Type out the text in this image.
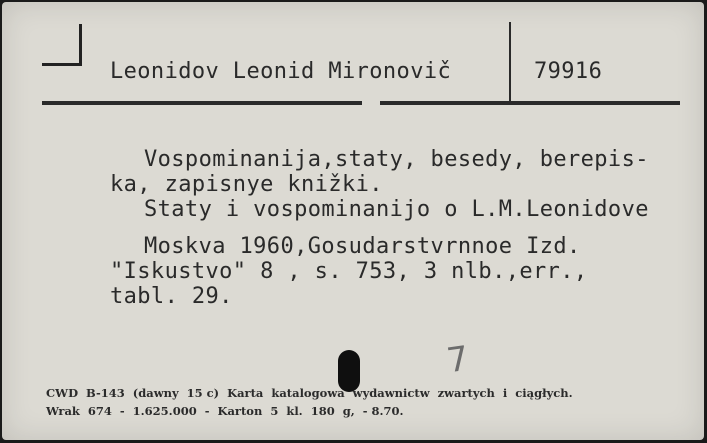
Leonidov Leonid Mironovič	79916
Vospominanija,staty, besedy, berepis-
ka, zapisnye knižki.
Staty i vospominanijo o L.M.Leonidove
Moskva 1960,Gosudarstvrnnoe Izd.
"Iskustvo" 8 , s. 753, 3 nlb.,err.,
tabl. 29.
7
CWD  B-143  (dawny  15 c)  Karta  katalogowa  wydawnictw  zwartych  i  ciągłych.
Wrak  674  -  1.625.000  -  Karton  5  kl.  180  g,  - 8.70.
